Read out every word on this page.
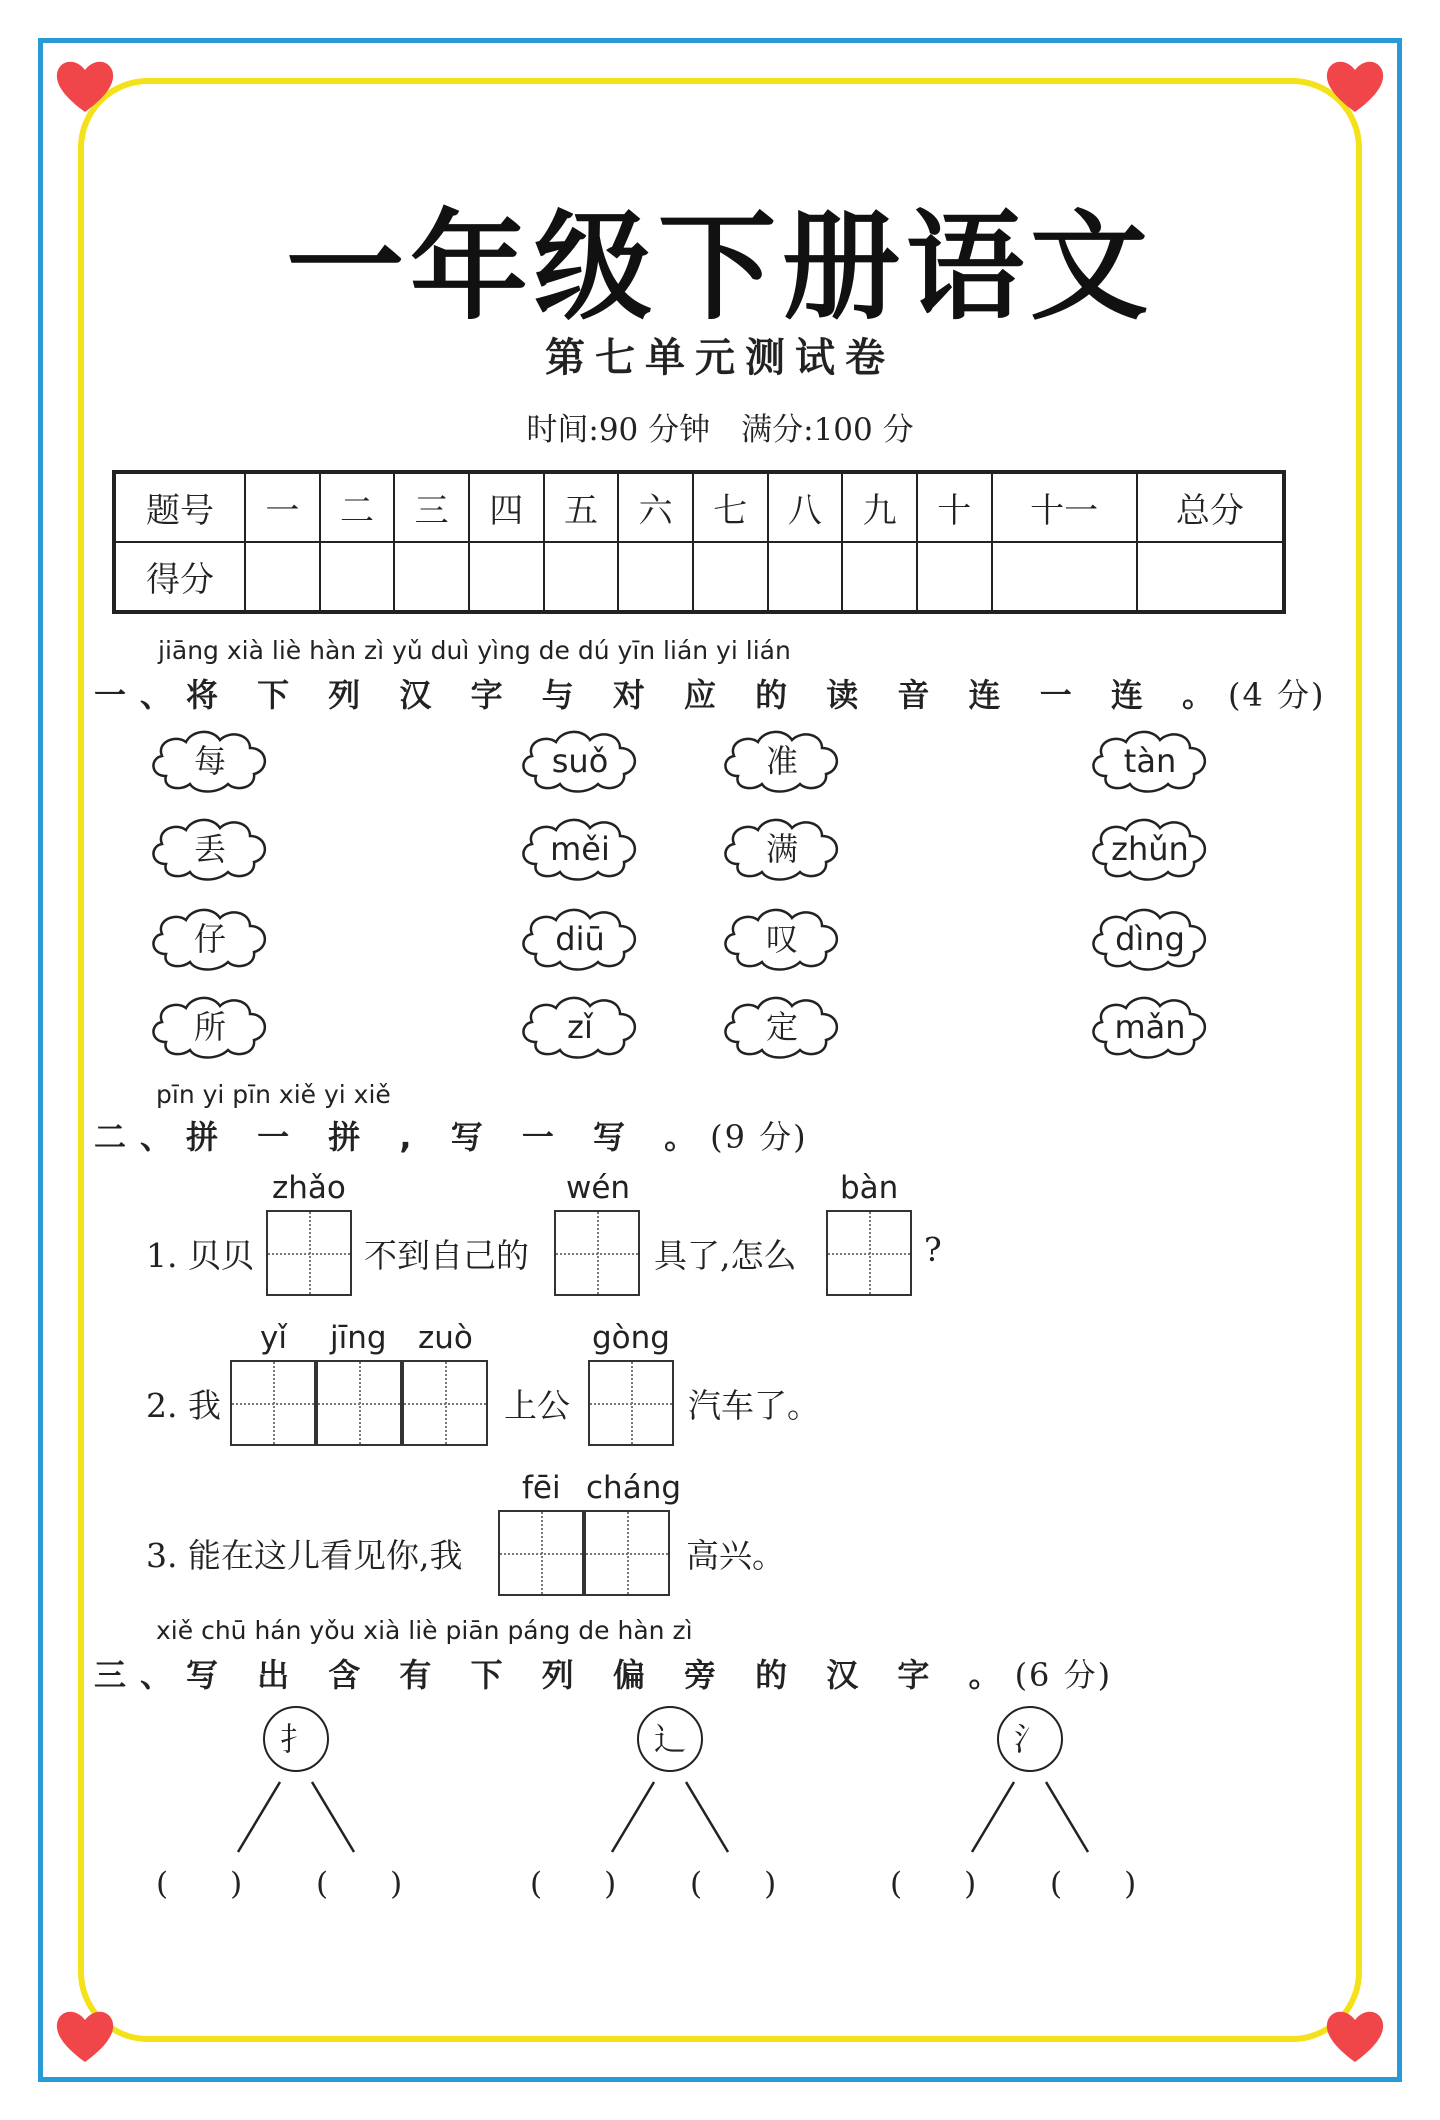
一年级下册语文
第七单元测试卷
时间:90 分钟　满分:100 分
题号	一	二	三	四	五	六	七	八	九	十	十一	总分
得分												
jiāng xià liè hàn zì yǔ duì yìng de dú yīn lián yi lián
一、将 下 列 汉 字 与 对 应 的 读 音 连 一 连 。(4 分)
每
丢
仔
所
suǒ
měi
diū
zǐ
准
满
叹
定
tàn
zhǔn
dìng
mǎn
pīn yi pīn xiě yi xiě
二、拼 一 拼 , 写 一 写 。(9 分)
1. 贝贝
zhǎo
不到自己的
wén
具了,怎么
bàn
?
2. 我
yǐ jīng zuò
上公
gòng
汽车了。
3. 能在这儿看见你,我
fēi cháng
高兴。
xiě chū hán yǒu xià liè piān páng de hàn zì
三、写 出 含 有 下 列 偏 旁 的 汉 字 。(6 分)
扌
(　　) (　　)
辶
(　　) (　　)
氵
(　　) (　　)
